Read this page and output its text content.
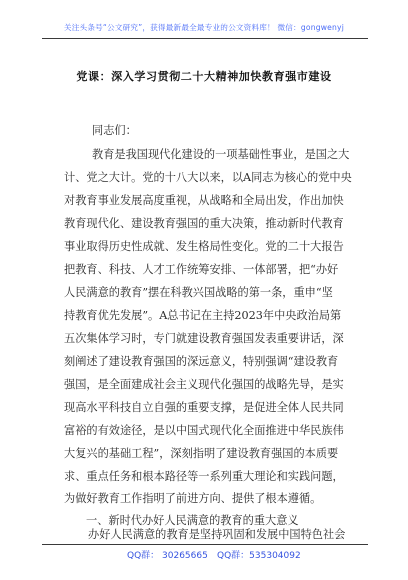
关注头条号“公文研究”，获得最新最全最专业的公文资料库！ 微信：gongwenyj
党课：深入学习贯彻二十大精神加快教育强市建设
同志们：
教育是我国现代化建设的一项基础性事业，是国之大
计、党之大计。党的十八大以来，以A同志为核心的党中央
对教育事业发展高度重视，从战略和全局出发，作出加快
教育现代化、建设教育强国的重大决策，推动新时代教育
事业取得历史性成就、发生格局性变化。党的二十大报告
把教育、科技、人才工作统筹安排、一体部署，把“办好
人民满意的教育”摆在科教兴国战略的第一条，重申“坚
持教育优先发展”。A总书记在主持2023年中央政治局第
五次集体学习时，专门就建设教育强国发表重要讲话，深
刻阐述了建设教育强国的深远意义，特别强调“建设教育
强国，是全面建成社会主义现代化强国的战略先导，是实
现高水平科技自立自强的重要支撑，是促进全体人民共同
富裕的有效途径，是以中国式现代化全面推进中华民族伟
大复兴的基础工程”，深刻指明了建设教育强国的本质要
求、重点任务和根本路径等一系列重大理论和实践问题，
为做好教育工作指明了前进方向、提供了根本遵循。
一、新时代办好人民满意的教育的重大意义
办好人民满意的教育是坚持巩固和发展中国特色社会
QQ群： 30265665 QQ群：535304092
